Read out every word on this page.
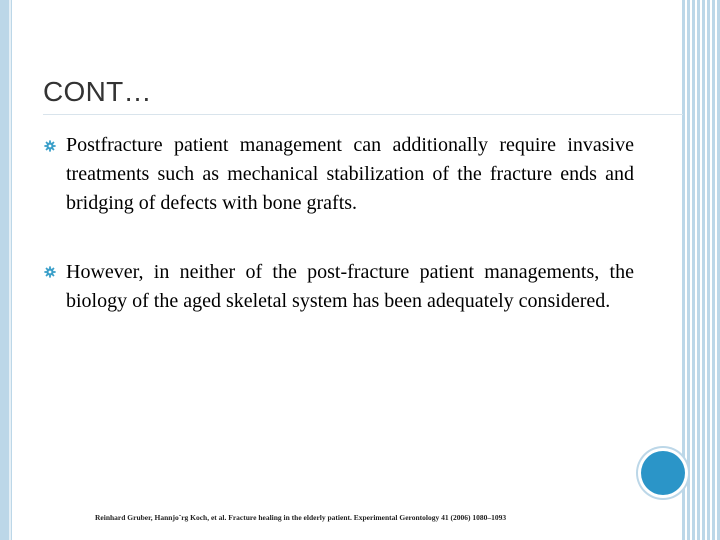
CONT…
Postfracture patient management can additionally require invasive treatments such as mechanical stabilization of the fracture ends and bridging of defects with bone grafts.
However, in neither of the post-fracture patient managements, the biology of the aged skeletal system has been adequately considered.
Reinhard Gruber, Hannjo¨rg Koch, et al. Fracture healing in the elderly patient. Experimental Gerontology 41 (2006) 1080–1093
